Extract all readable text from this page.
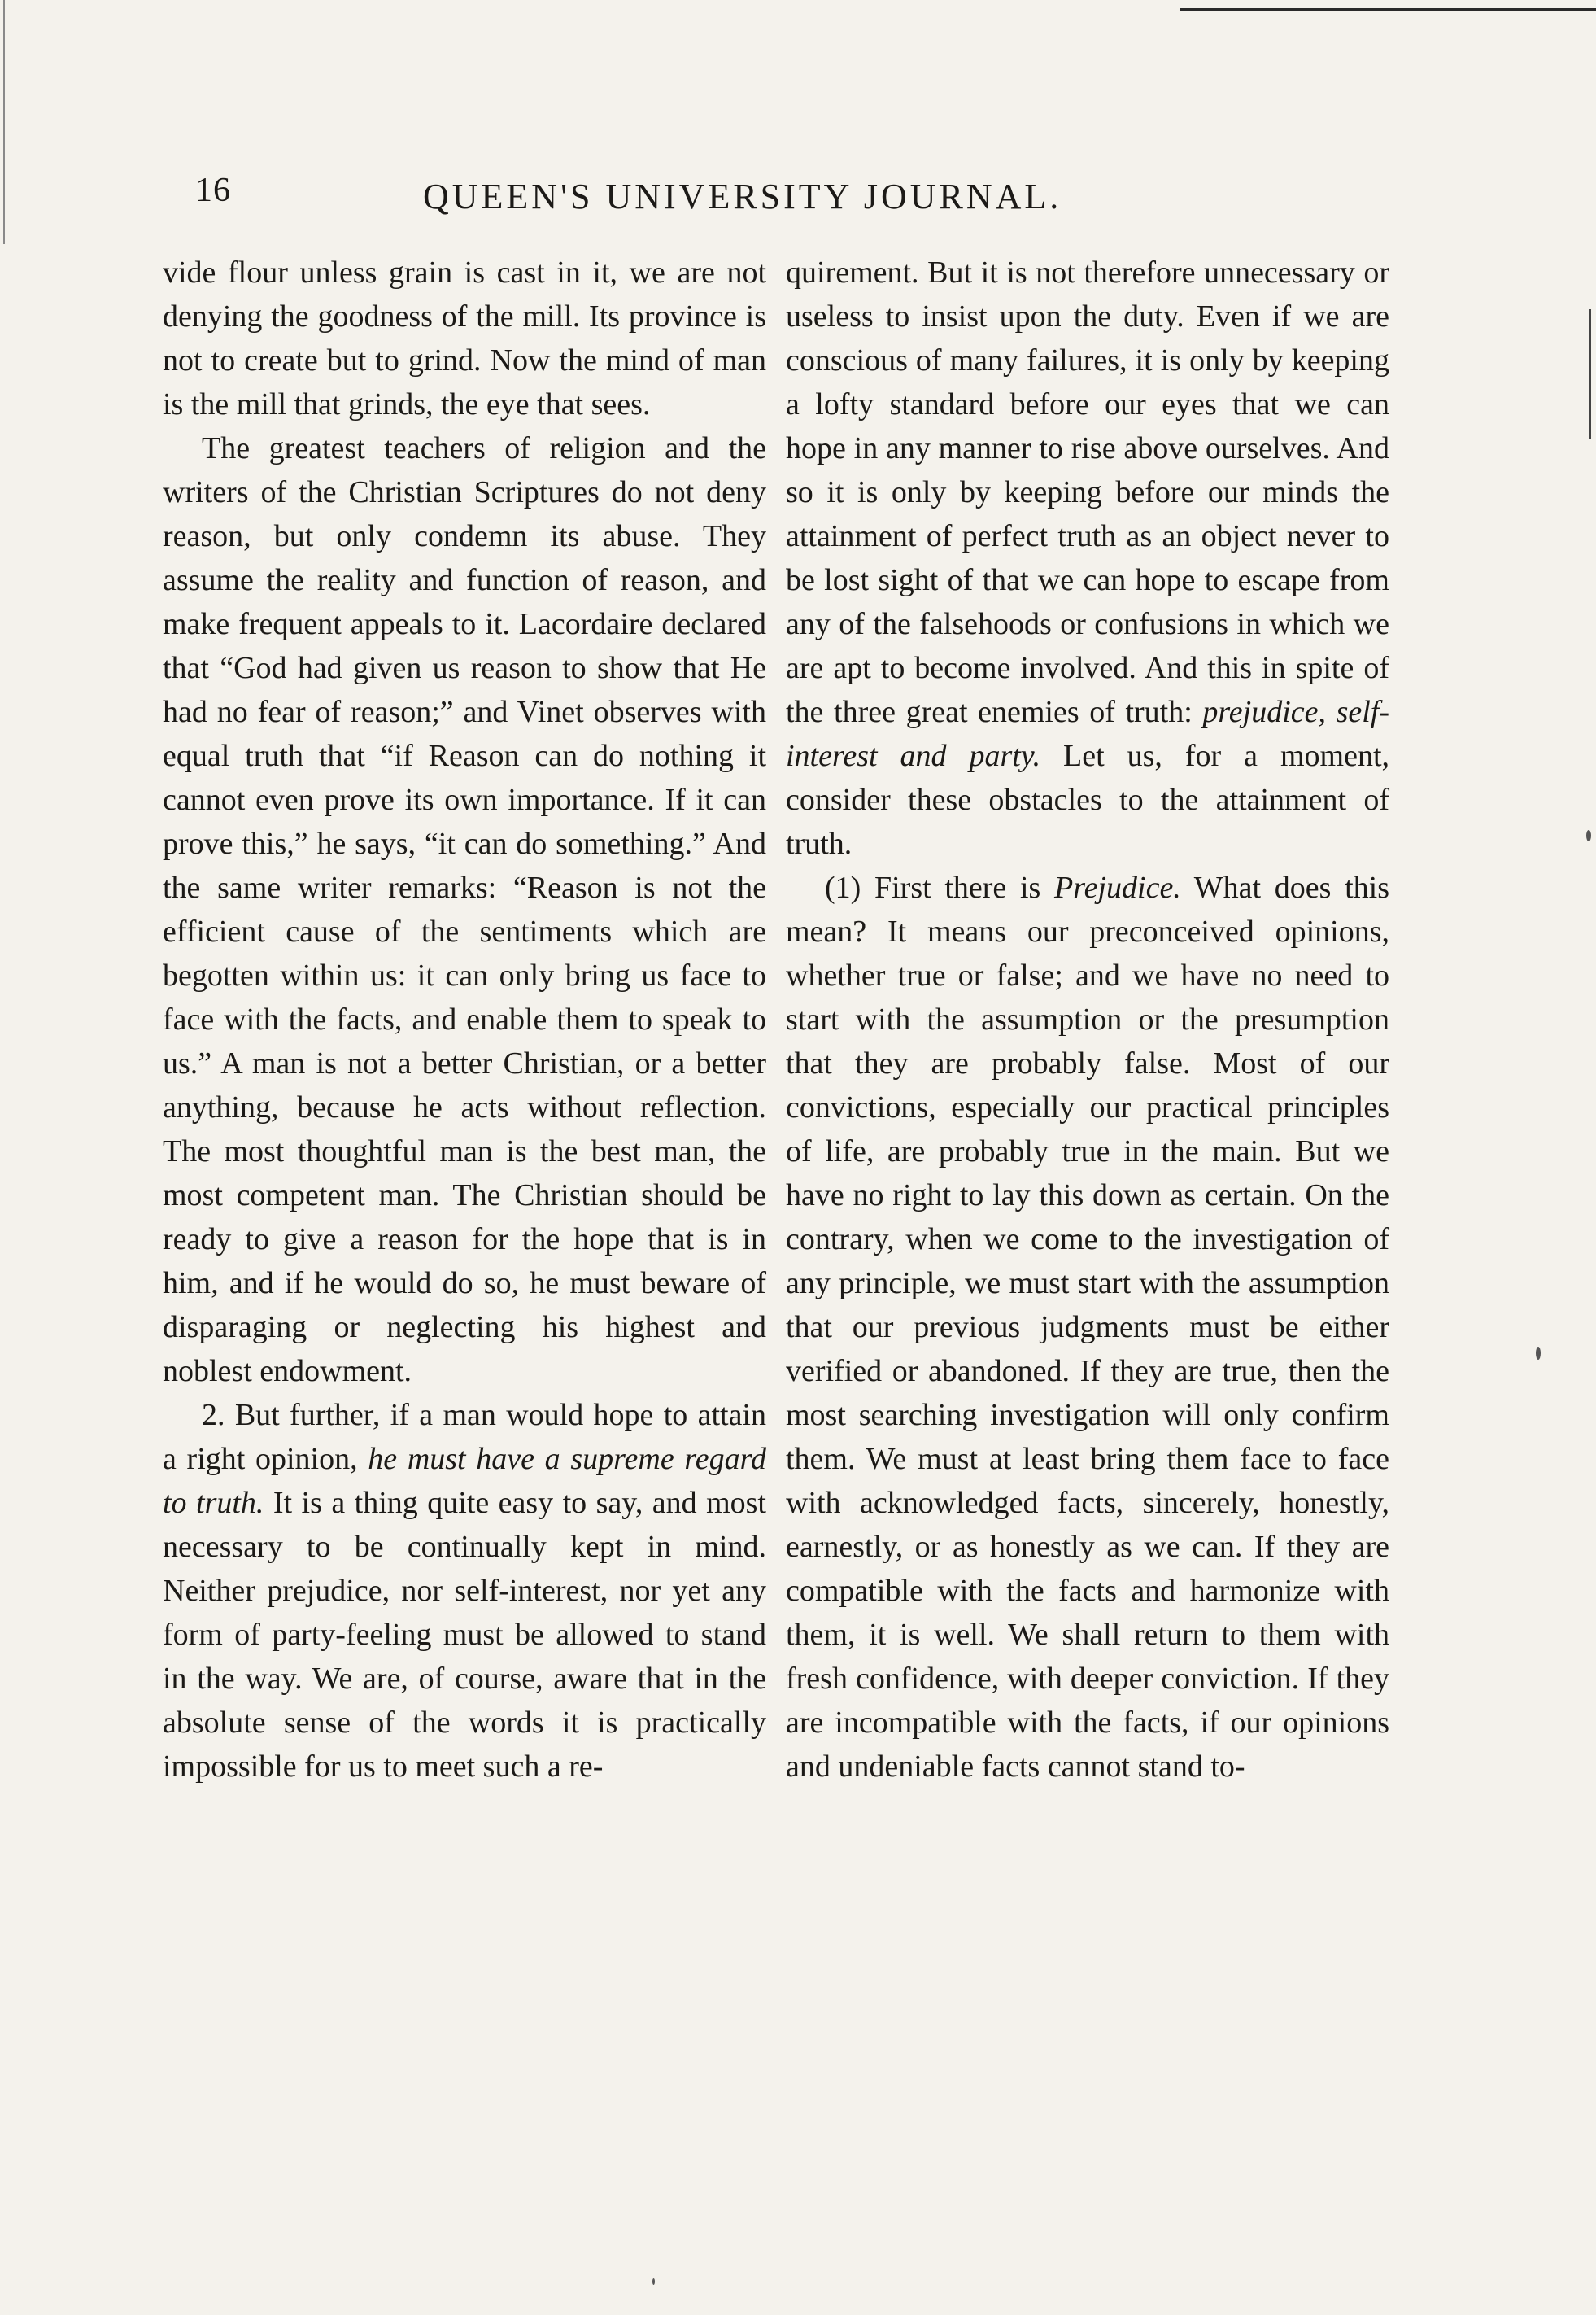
16	QUEEN'S UNIVERSITY JOURNAL.

vide flour unless grain is cast in it, we are not denying the goodness of the mill. Its province is not to create but to grind. Now the mind of man is the mill that grinds, the eye that sees.

The greatest teachers of religion and the writers of the Christian Scriptures do not deny reason, but only condemn its abuse. They assume the reality and function of reason, and make frequent appeals to it. Lacordaire declared that “God had given us reason to show that He had no fear of reason;” and Vinet observes with equal truth that “if Reason can do nothing it cannot even prove its own importance. If it can prove this,” he says, “it can do something.” And the same writer remarks: “Reason is not the efficient cause of the sentiments which are begotten within us: it can only bring us face to face with the facts, and enable them to speak to us.” A man is not a better Christian, or a better anything, because he acts without reflection. The most thoughtful man is the best man, the most competent man. The Christian should be ready to give a reason for the hope that is in him, and if he would do so, he must beware of disparaging or neglecting his highest and noblest endowment.

2. But further, if a man would hope to attain a right opinion, he must have a supreme regard to truth. It is a thing quite easy to say, and most necessary to be continually kept in mind. Neither prejudice, nor self-interest, nor yet any form of party-feeling must be allowed to stand in the way. We are, of course, aware that in the absolute sense of the words it is practically impossible for us to meet such a re-

quirement. But it is not therefore unnecessary or useless to insist upon the duty. Even if we are conscious of many failures, it is only by keeping a lofty standard before our eyes that we can hope in any manner to rise above ourselves. And so it is only by keeping before our minds the attainment of perfect truth as an object never to be lost sight of that we can hope to escape from any of the falsehoods or confusions in which we are apt to become involved. And this in spite of the three great enemies of truth: prejudice, self-interest and party. Let us, for a moment, consider these obstacles to the attainment of truth.

(1) First there is Prejudice. What does this mean? It means our preconceived opinions, whether true or false; and we have no need to start with the assumption or the presumption that they are probably false. Most of our convictions, especially our practical principles of life, are probably true in the main. But we have no right to lay this down as certain. On the contrary, when we come to the investigation of any principle, we must start with the assumption that our previous judgments must be either verified or abandoned. If they are true, then the most searching investigation will only confirm them. We must at least bring them face to face with acknowledged facts, sincerely, honestly, earnestly, or as honestly as we can. If they are compatible with the facts and harmonize with them, it is well. We shall return to them with fresh confidence, with deeper conviction. If they are incompatible with the facts, if our opinions and undeniable facts cannot stand to-
